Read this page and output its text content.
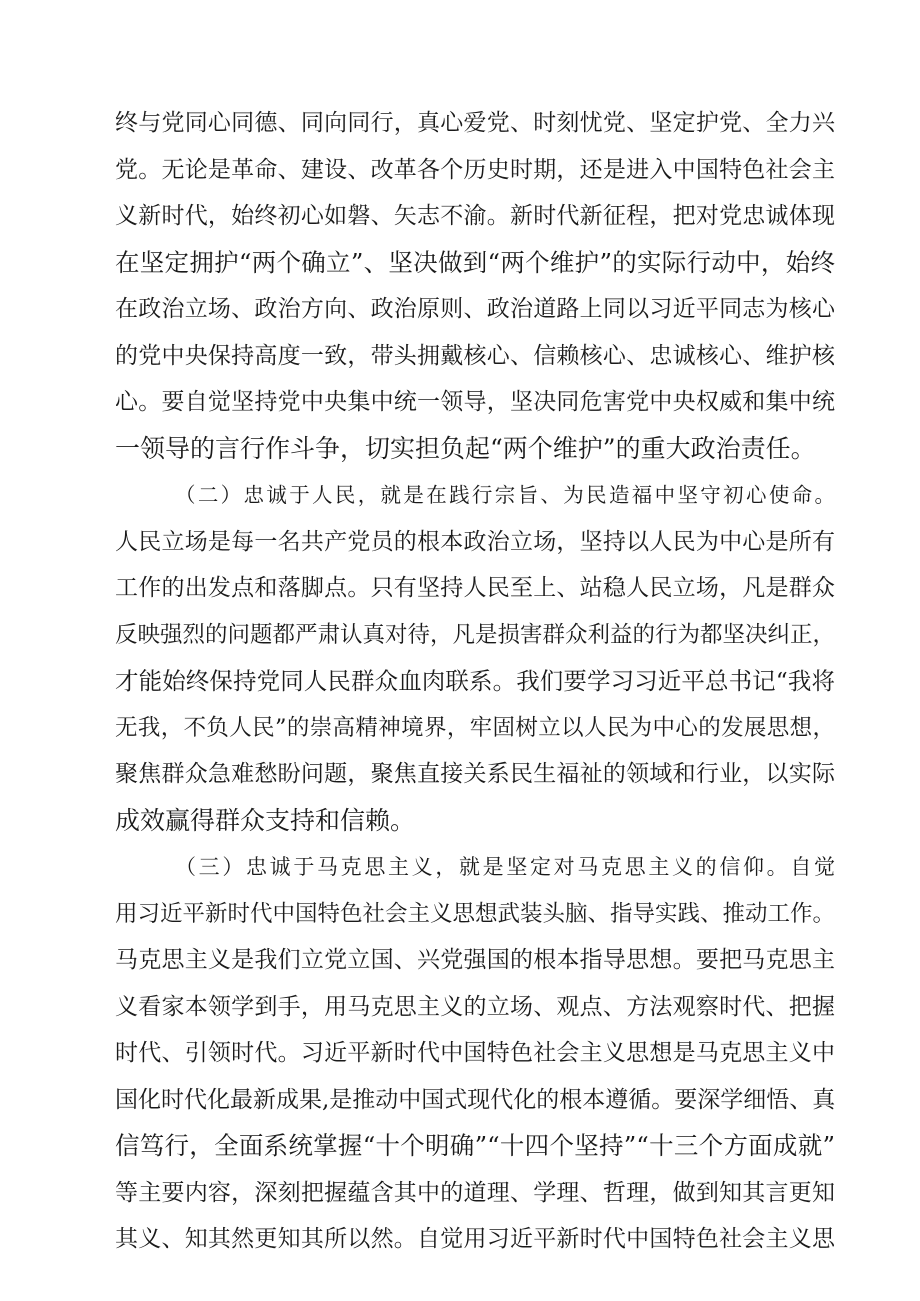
终与党同心同德、同向同行，真心爱党、时刻忧党、坚定护党、全力兴
党。无论是革命、建设、改革各个历史时期，还是进入中国特色社会主
义新时代，始终初心如磐、矢志不渝。新时代新征程，把对党忠诚体现
在坚定拥护“两个确立”、坚决做到“两个维护”的实际行动中，始终
在政治立场、政治方向、政治原则、政治道路上同以习近平同志为核心
的党中央保持高度一致，带头拥戴核心、信赖核心、忠诚核心、维护核
心。要自觉坚持党中央集中统一领导，坚决同危害党中央权威和集中统
一领导的言行作斗争，切实担负起“两个维护”的重大政治责任。
（二）忠诚于人民，就是在践行宗旨、为民造福中坚守初心使命。
人民立场是每一名共产党员的根本政治立场，坚持以人民为中心是所有
工作的出发点和落脚点。只有坚持人民至上、站稳人民立场，凡是群众
反映强烈的问题都严肃认真对待，凡是损害群众利益的行为都坚决纠正，
才能始终保持党同人民群众血肉联系。我们要学习习近平总书记“我将
无我，不负人民”的崇高精神境界，牢固树立以人民为中心的发展思想，
聚焦群众急难愁盼问题，聚焦直接关系民生福祉的领域和行业，以实际
成效赢得群众支持和信赖。
（三）忠诚于马克思主义，就是坚定对马克思主义的信仰。自觉
用习近平新时代中国特色社会主义思想武装头脑、指导实践、推动工作。
马克思主义是我们立党立国、兴党强国的根本指导思想。要把马克思主
义看家本领学到手，用马克思主义的立场、观点、方法观察时代、把握
时代、引领时代。习近平新时代中国特色社会主义思想是马克思主义中
国化时代化最新成果,是推动中国式现代化的根本遵循。要深学细悟、真
信笃行，全面系统掌握“十个明确”“十四个坚持”“十三个方面成就”
等主要内容，深刻把握蕴含其中的道理、学理、哲理，做到知其言更知
其义、知其然更知其所以然。自觉用习近平新时代中国特色社会主义思
